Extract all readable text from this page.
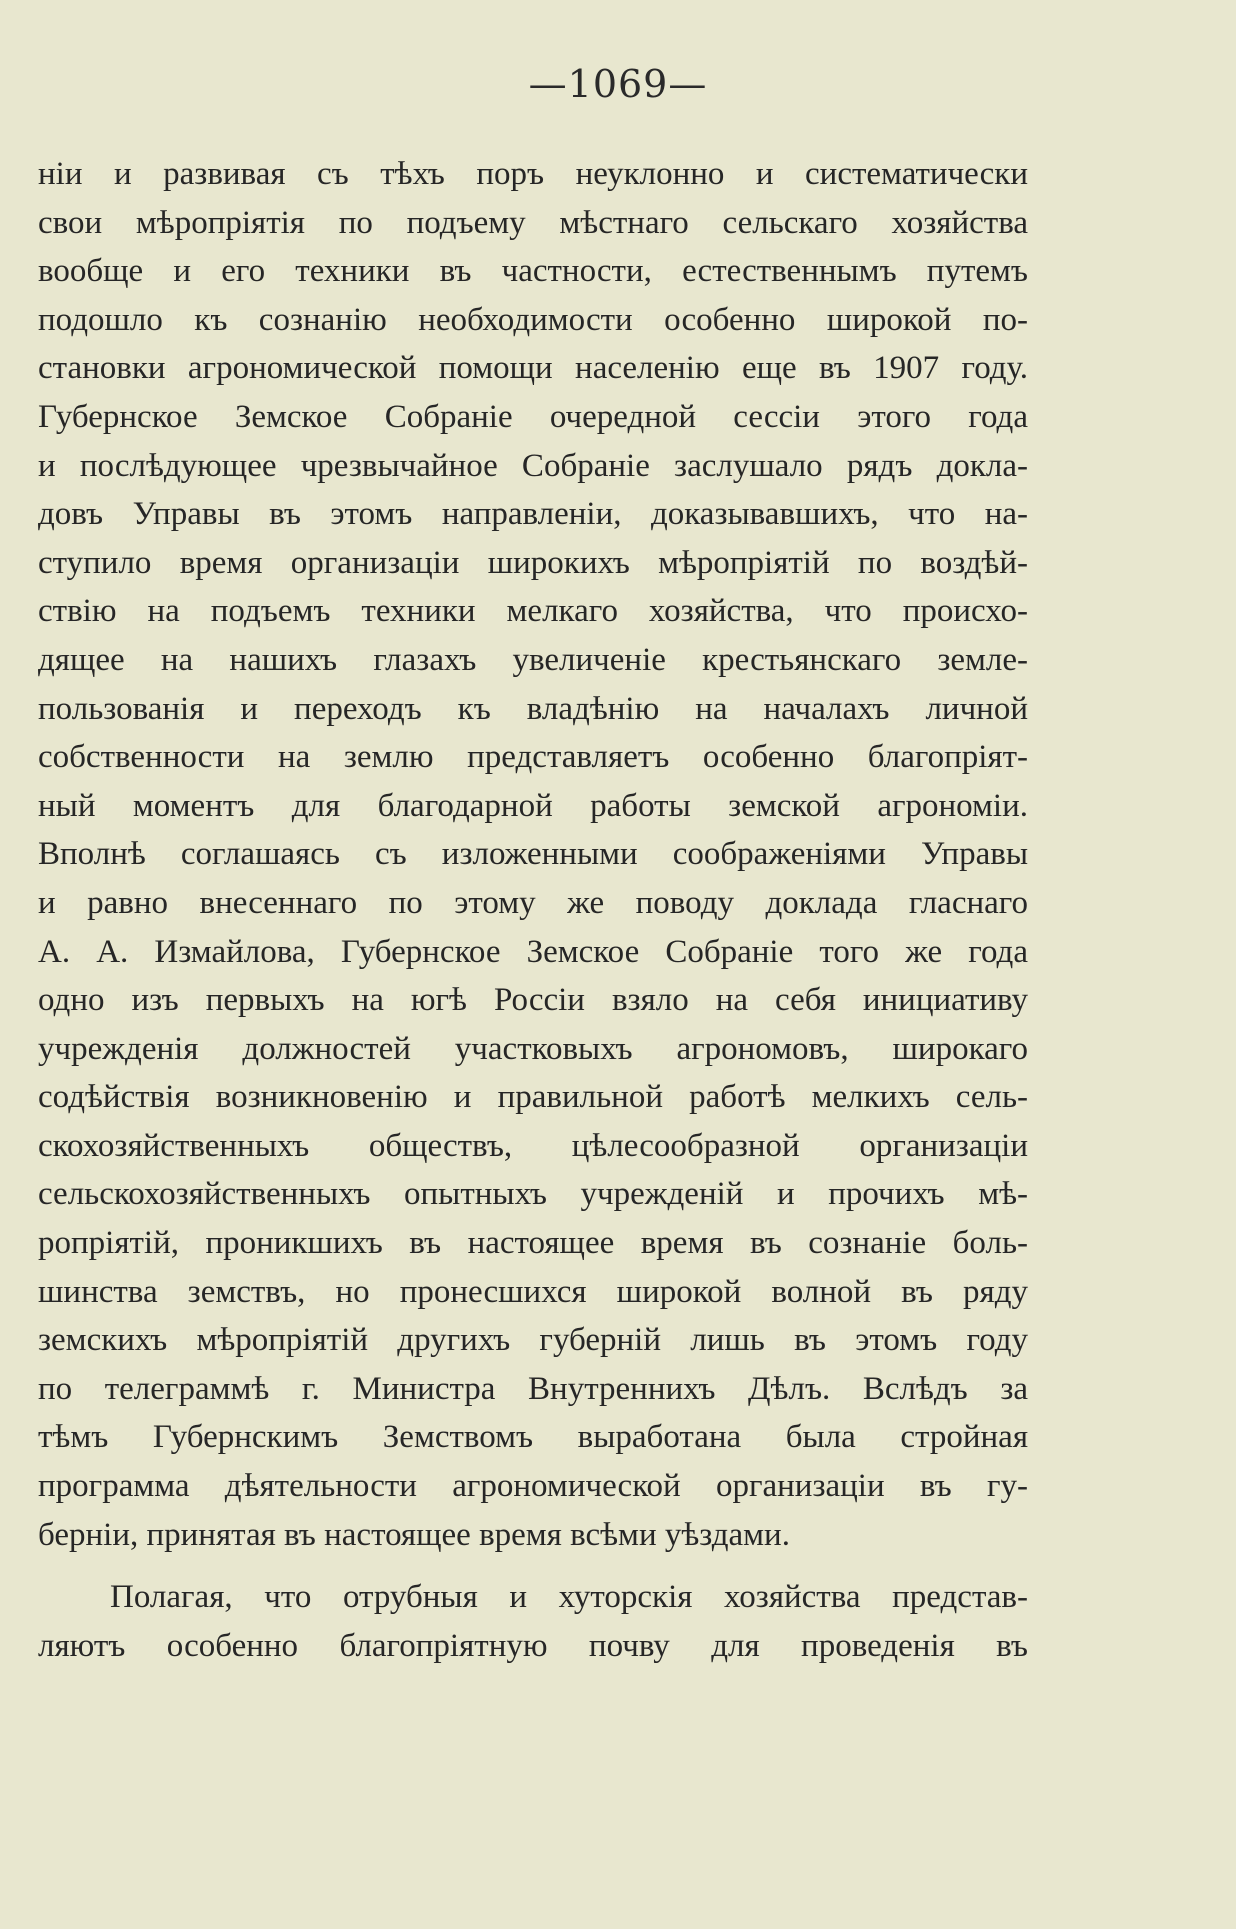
—1069—
нiи и развивая съ тѣхъ поръ неуклонно и систематически
свои мѣропрiятiя по подъему мѣстнаго сельскаго хозяйства
вообще и его техники въ частности, естественнымъ путемъ
подошло къ сознанiю необходимости особенно широкой по-
становки агрономической помощи населенiю еще въ 1907 году.
Губернское Земское Собранiе очередной сессiи этого года
и послѣдующее чрезвычайное Собранiе заслушало рядъ докла-
довъ Управы въ этомъ направленiи, доказывавшихъ, что на-
ступило время организацiи широкихъ мѣропрiятiй по воздѣй-
ствiю на подъемъ техники мелкаго хозяйства, что происхо-
дящее на нашихъ глазахъ увеличенiе крестьянскаго земле-
пользованiя и переходъ къ владѣнiю на началахъ личной
собственности на землю представляетъ особенно благопрiят-
ный моментъ для благодарной работы земской агрономiи.
Вполнѣ соглашаясь съ изложенными соображенiями Управы
и равно внесеннаго по этому же поводу доклада гласнаго
А. А. Измайлова, Губернское Земское Собранiе того же года
одно изъ первыхъ на югѣ Россiи взяло на себя инициативу
учрежденiя должностей участковыхъ агрономовъ, широкаго
содѣйствiя возникновенiю и правильной работѣ мелкихъ сель-
скохозяйственныхъ обществъ, цѣлесообразной организацiи
сельскохозяйственныхъ опытныхъ учрежденiй и прочихъ мѣ-
ропрiятiй, проникшихъ въ настоящее время въ сознанiе боль-
шинства земствъ, но пронесшихся широкой волной въ ряду
земскихъ мѣропрiятiй другихъ губернiй лишь въ этомъ году
по телеграммѣ г. Министра Внутреннихъ Дѣлъ. Вслѣдъ за
тѣмъ Губернскимъ Земствомъ выработана была стройная
программа дѣятельности агрономической организацiи въ гу-
бернiи, принятая въ настоящее время всѣми уѣздами.
Полагая, что отрубныя и хуторскiя хозяйства представ-
ляютъ особенно благопрiятную почву для проведенiя въ
